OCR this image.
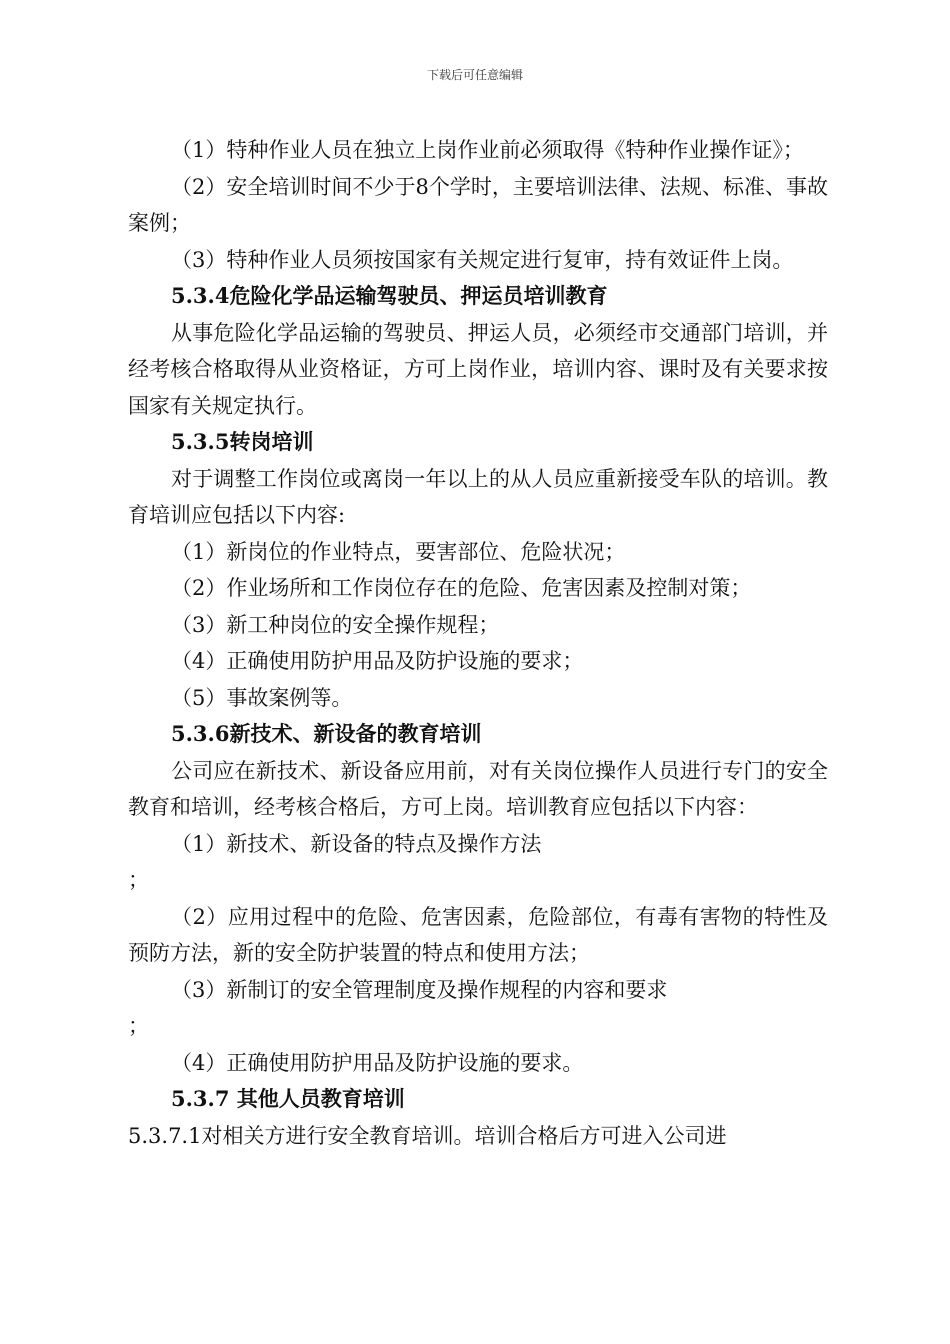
下载后可任意编辑

（1）特种作业人员在独立上岗作业前必须取得《特种作业操作证》；

（2）安全培训时间不少于8个学时，主要培训法律、法规、标准、事故案例；

（3）特种作业人员须按国家有关规定进行复审，持有效证件上岗。

5.3.4危险化学品运输驾驶员、押运员培训教育

从事危险化学品运输的驾驶员、押运人员，必须经市交通部门培训，并经考核合格取得从业资格证，方可上岗作业，培训内容、课时及有关要求按国家有关规定执行。

5.3.5转岗培训

对于调整工作岗位或离岗一年以上的从人员应重新接受车队的培训。教育培训应包括以下内容:

（1）新岗位的作业特点，要害部位、危险状况；

（2）作业场所和工作岗位存在的危险、危害因素及控制对策；

（3）新工种岗位的安全操作规程；

（4）正确使用防护用品及防护设施的要求；

（5）事故案例等。

5.3.6新技术、新设备的教育培训

公司应在新技术、新设备应用前，对有关岗位操作人员进行专门的安全教育和培训，经考核合格后，方可上岗。培训教育应包括以下内容：

（1）新技术、新设备的特点及操作方法

；

（2）应用过程中的危险、危害因素，危险部位，有毒有害物的特性及预防方法，新的安全防护装置的特点和使用方法；

（3）新制订的安全管理制度及操作规程的内容和要求

；

（4）正确使用防护用品及防护设施的要求。

5.3.7 其他人员教育培训

5.3.7.1对相关方进行安全教育培训。培训合格后方可进入公司进
